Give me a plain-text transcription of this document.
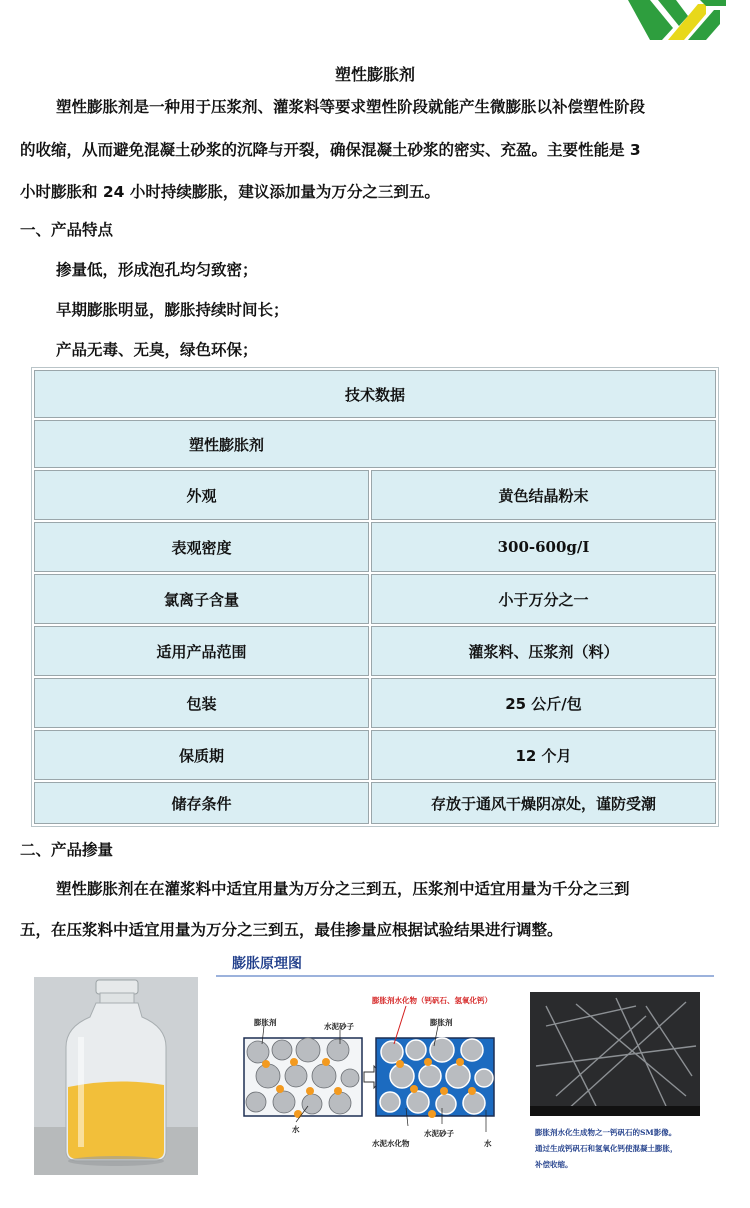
塑性膨胀剂
塑性膨胀剂是一种用于压浆剂、灌浆料等要求塑性阶段就能产生微膨胀以补偿塑性阶段
的收缩，从而避免混凝土砂浆的沉降与开裂，确保混凝土砂浆的密实、充盈。主要性能是 3
小时膨胀和 24 小时持续膨胀，建议添加量为万分之三到五。
一、产品特点
掺量低，形成泡孔均匀致密；
早期膨胀明显，膨胀持续时间长；
产品无毒、无臭，绿色环保；
技术数据	
塑性膨胀剂	
外观	黄色结晶粉末
表观密度	300-600g/I
氯离子含量	小于万分之一
适用产品范围	灌浆料、压浆剂（料）
包装	25 公斤/包
保质期	12 个月
储存条件	存放于通风干燥阴凉处，谨防受潮
二、产品掺量
塑性膨胀剂在在灌浆料中适宜用量为万分之三到五，压浆剂中适宜用量为千分之三到
五，在压浆料中适宜用量为万分之三到五，最佳掺量应根据试验结果进行调整。
膨胀原理图
膨胀剂水化物（钙矾石、氢氧化钙）
膨胀剂	水泥砂子	膨胀剂
水
水泥水化物
水泥砂子
水
膨胀剂水化生成物之一钙矾石的SM影像。
通过生成钙矾石和氢氧化钙使混凝土膨胀，
补偿收缩。
